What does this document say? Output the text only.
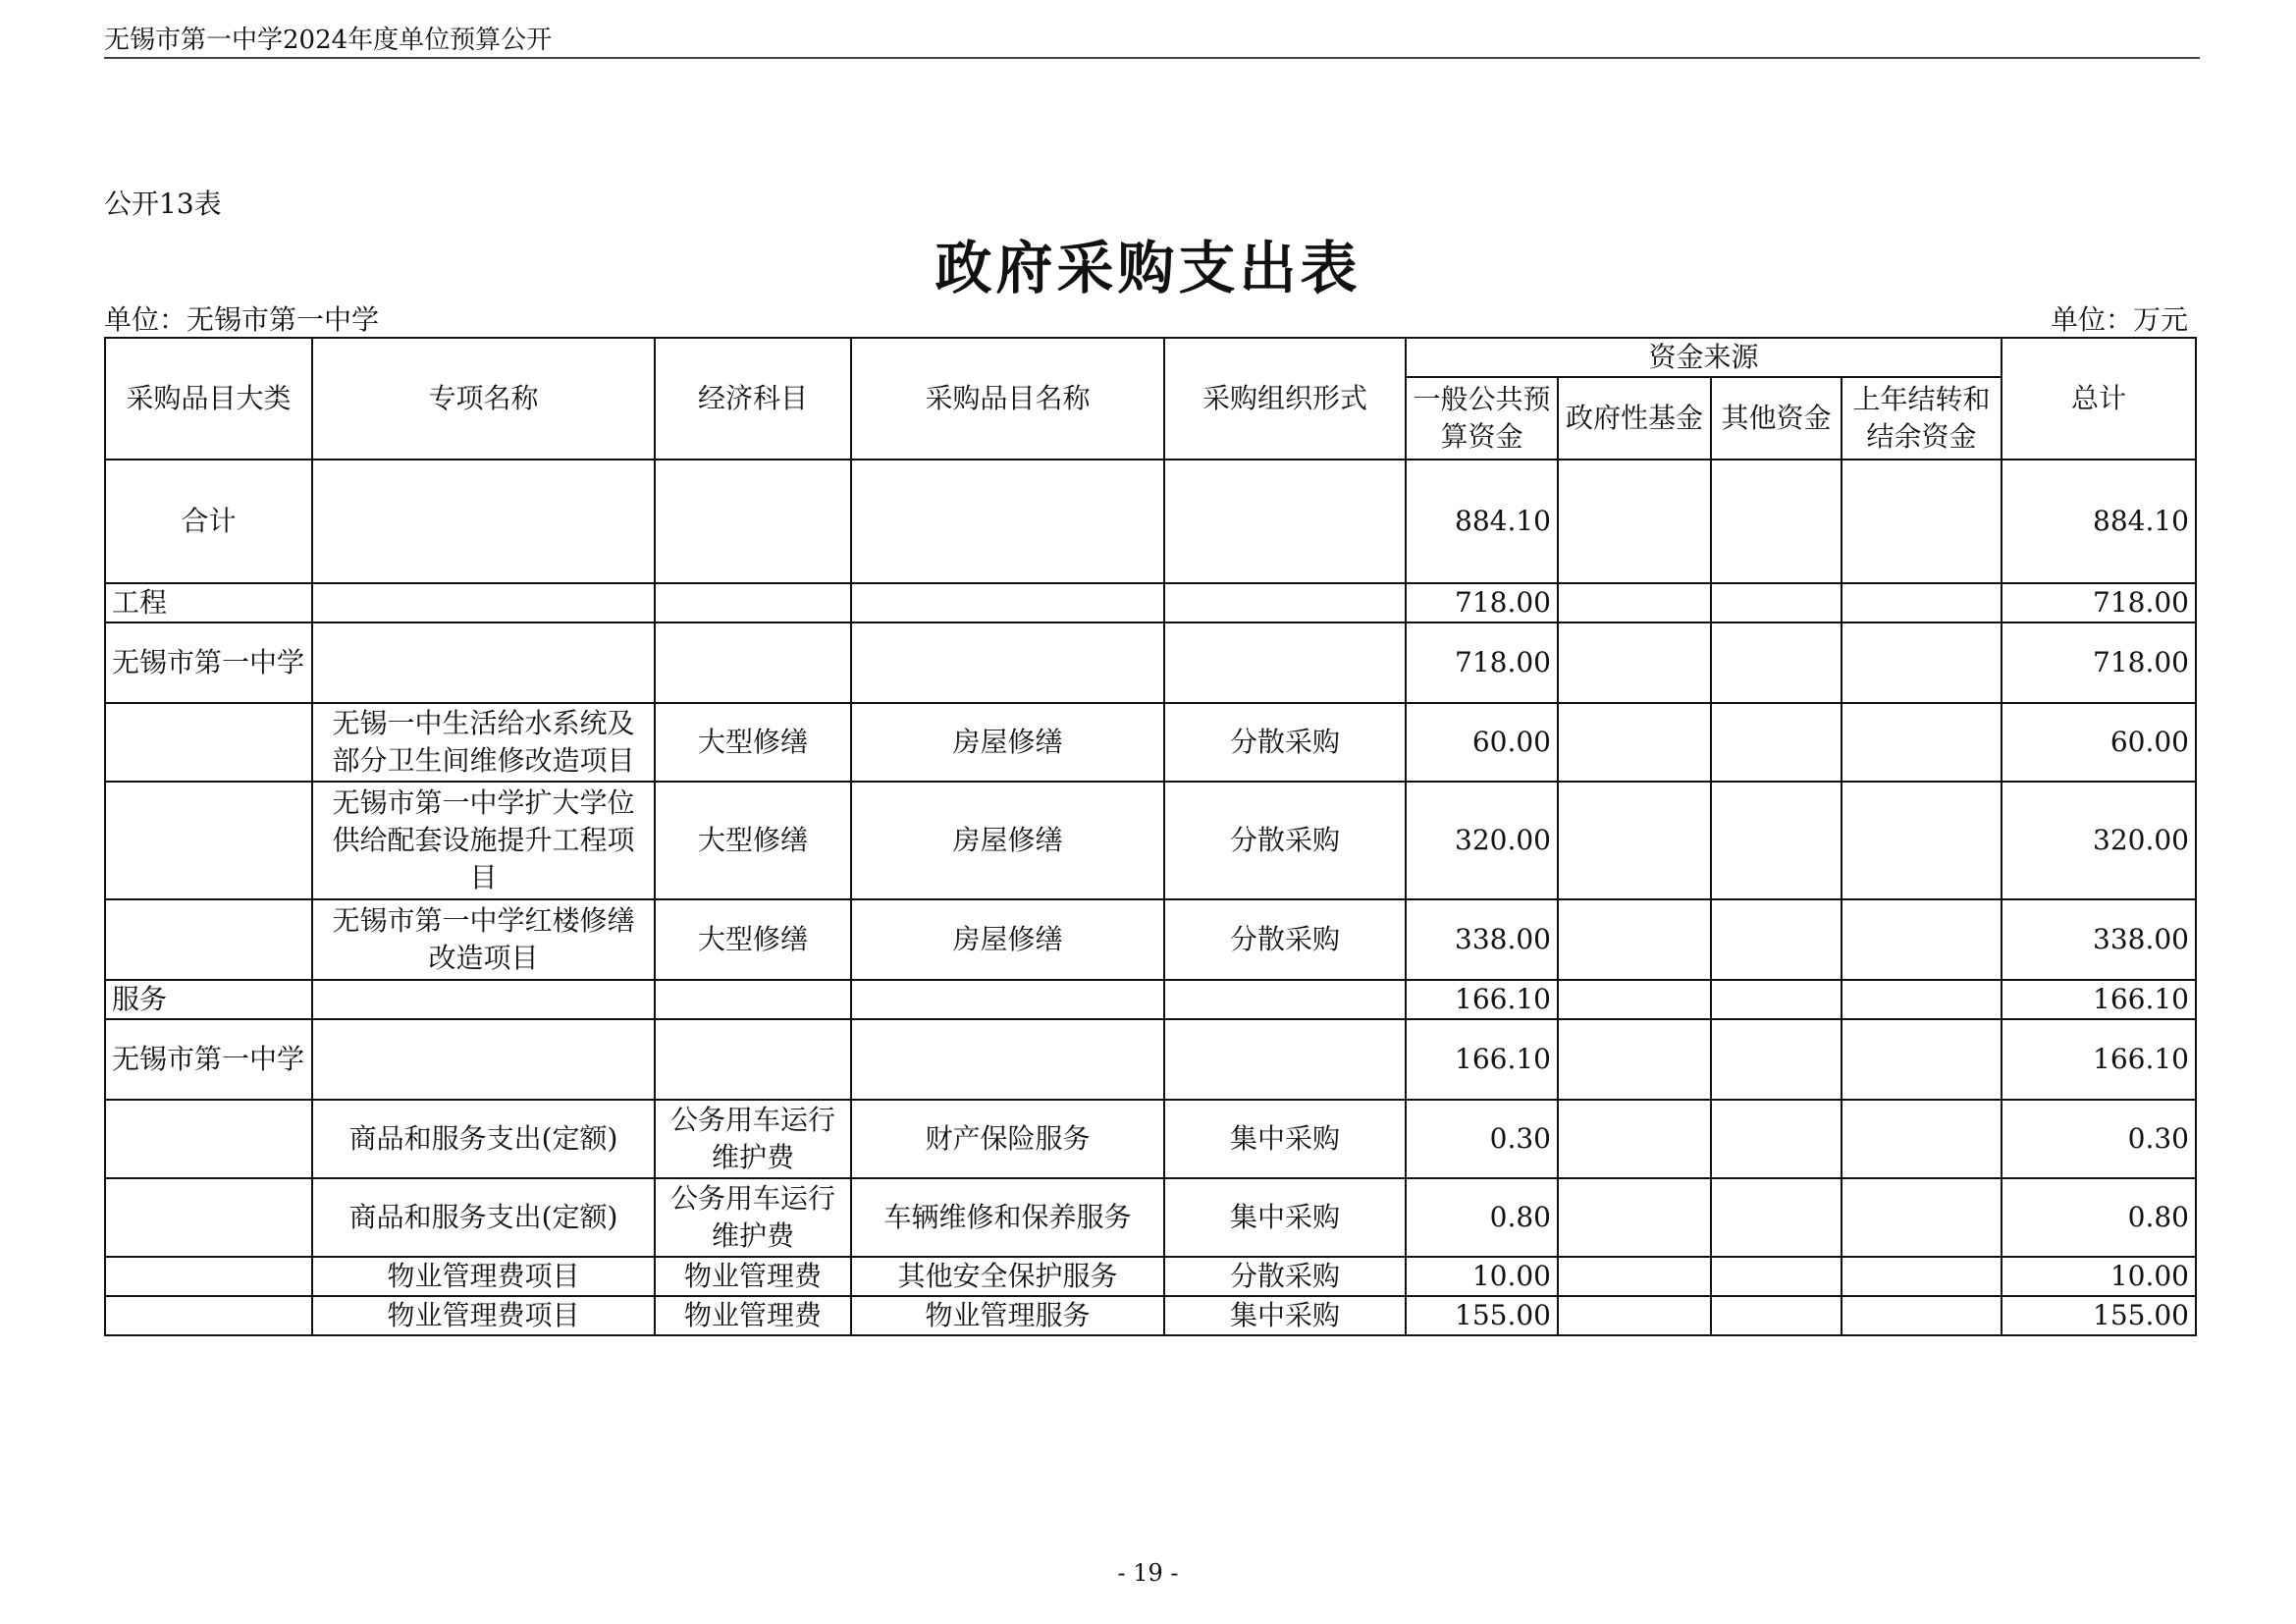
无锡市第一中学2024年度单位预算公开
公开13表
政府采购支出表
单位：无锡市第一中学	单位：万元
采购品目大类	专项名称	经济科目	采购品目名称	采购组织形式	资金来源				总计
					一般公共预算资金	政府性基金	其他资金	上年结转和结余资金	
合计					884.10				884.10
工程					718.00				718.00
无锡市第一中学					718.00				718.00
	无锡一中生活给水系统及部分卫生间维修改造项目	大型修缮	房屋修缮	分散采购	60.00				60.00
	无锡市第一中学扩大学位供给配套设施提升工程项目	大型修缮	房屋修缮	分散采购	320.00				320.00
	无锡市第一中学红楼修缮改造项目	大型修缮	房屋修缮	分散采购	338.00				338.00
服务					166.10				166.10
无锡市第一中学					166.10				166.10
	商品和服务支出(定额)	公务用车运行维护费	财产保险服务	集中采购	0.30				0.30
	商品和服务支出(定额)	公务用车运行维护费	车辆维修和保养服务	集中采购	0.80				0.80
	物业管理费项目	物业管理费	其他安全保护服务	分散采购	10.00				10.00
	物业管理费项目	物业管理费	物业管理服务	集中采购	155.00				155.00
- 19 -
